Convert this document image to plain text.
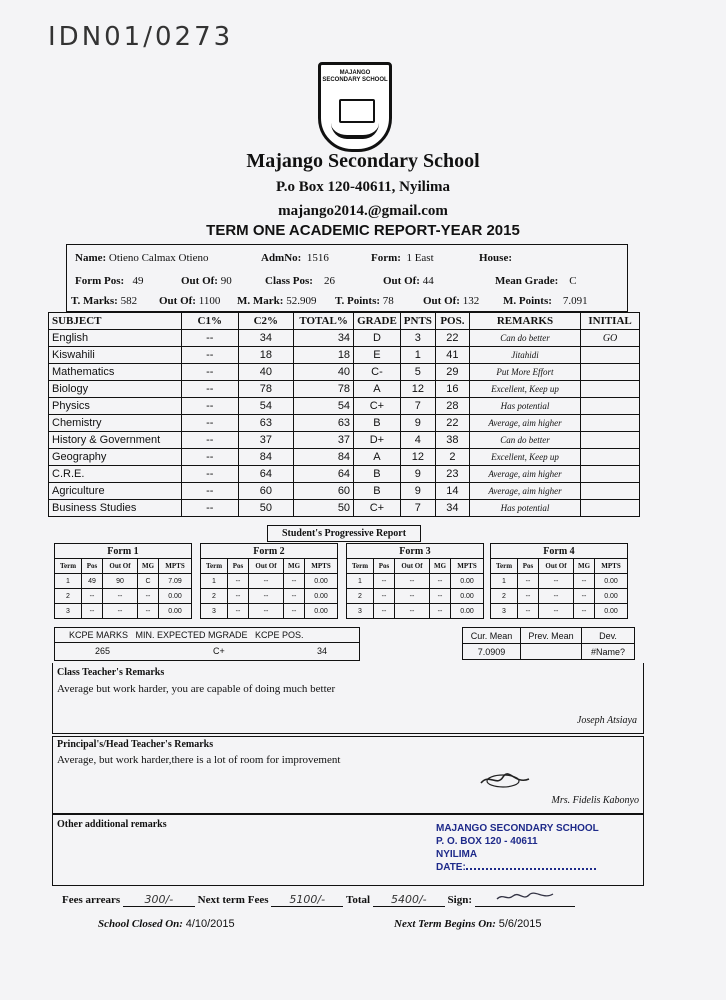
IDN01/0273
MAJANGO SECONDARY SCHOOL
Majango Secondary School
P.o Box 120-40611, Nyilima
majango2014.@gmail.com
TERM ONE ACADEMIC REPORT-YEAR 2015
Name: Otieno Calmax Otieno	AdmNo: 1516	Form: 1 East	House:
Form Pos: 49	Out Of: 90	Class Pos: 26	Out Of: 44	Mean Grade: C
T. Marks: 582 Out Of: 1100 M. Mark: 52.909 T. Points: 78	Out Of: 132 M. Points: 7.091
SUBJECT	C1%	C2%	TOTAL%	GRADE	PNTS	POS.	REMARKS	INITIAL
English	--	34	34	D	3	22	Can do better	GO
Kiswahili	--	18	18	E	1	41	Jitahidi	
Mathematics	--	40	40	C-	5	29	Put More Effort	
Biology	--	78	78	A	12	16	Excellent, Keep up	
Physics	--	54	54	C+	7	28	Has potential	
Chemistry	--	63	63	B	9	22	Average, aim higher	
History & Government	--	37	37	D+	4	38	Can do better	
Geography	--	84	84	A	12	2	Excellent, Keep up	
C.R.E.	--	64	64	B	9	23	Average, aim higher	
Agriculture	--	60	60	B	9	14	Average, aim higher	
Business Studies	--	50	50	C+	7	34	Has potential	
Student's Progressive Report
Form 1				
Term	Pos	Out Of	MG	MPTS
1	49	90	C	7.09
2	--	--	--	0.00
3	--	--	--	0.00
Form 2				
Term	Pos	Out Of	MG	MPTS
1	--	--	--	0.00
2	--	--	--	0.00
3	--	--	--	0.00
Form 3				
Term	Pos	Out Of	MG	MPTS
1	--	--	--	0.00
2	--	--	--	0.00
3	--	--	--	0.00
Form 4				
Term	Pos	Out Of	MG	MPTS
1	--	--	--	0.00
2	--	--	--	0.00
3	--	--	--	0.00
KCPE MARKS   MIN. EXPECTED MGRADE   KCPE POS.
265	C+	34
Cur. Mean	Prev. Mean	Dev.
7.0909		#Name?
Class Teacher's Remarks
Average but work harder, you are capable of doing much better
Joseph Atsiaya
Principal's/Head Teacher's Remarks
Average, but work harder,there is a lot of room for improvement
Mrs. Fidelis Kabonyo
Other additional remarks	MAJANGO SECONDARY SCHOOL
P. O. BOX 120 - 40611
NYILIMA
DATE:
Fees arrears 300/- Next term Fees 5100/- Total 5400/- Sign:
School Closed On: 4/10/2015	Next Term Begins On: 5/6/2015
